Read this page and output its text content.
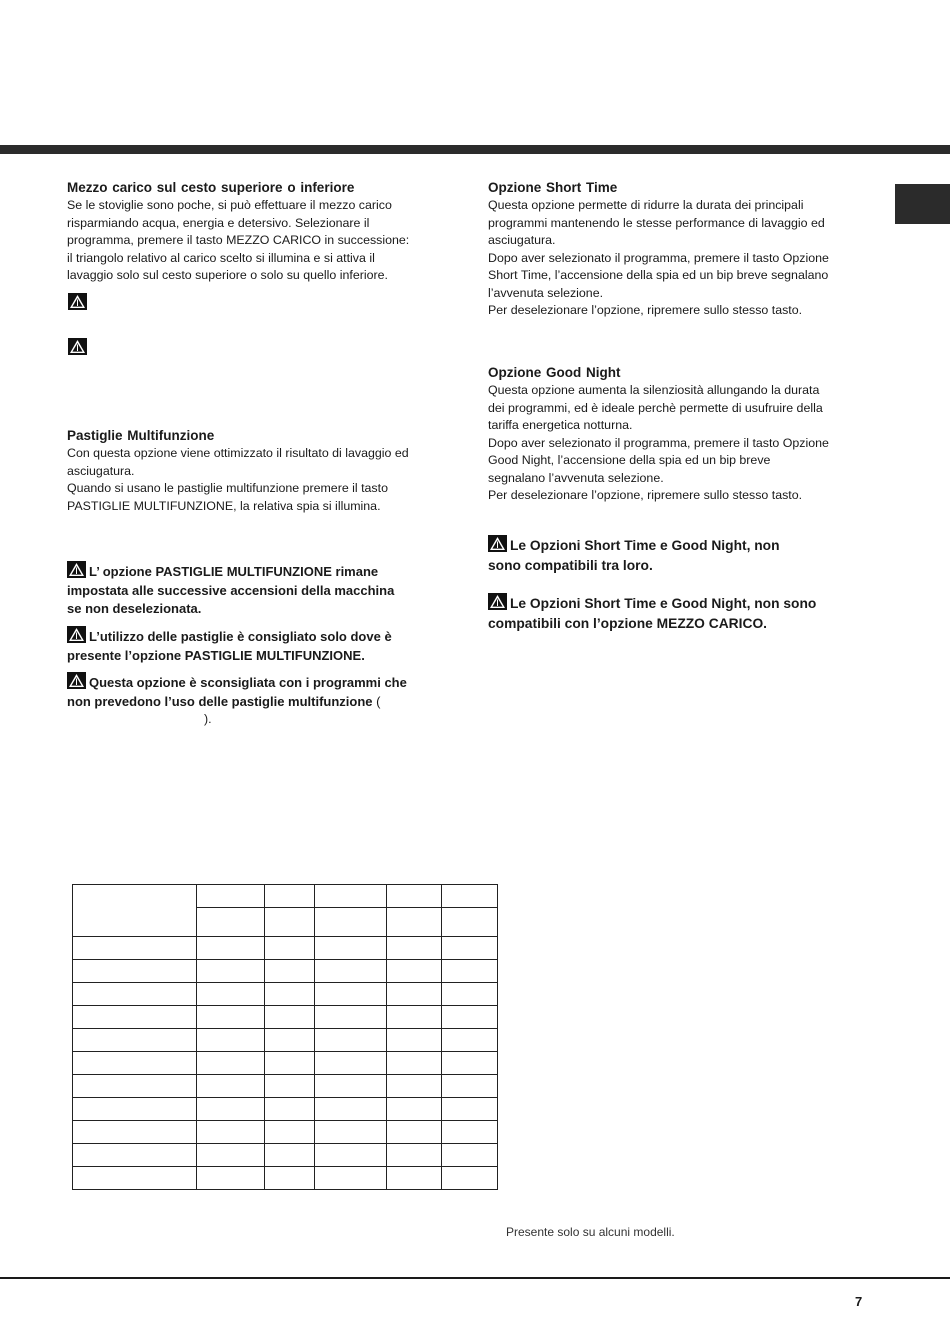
Mezzo carico sul cesto superiore o inferiore

Se le stoviglie sono poche, si può effettuare il mezzo carico

risparmiando acqua, energia e detersivo. Selezionare il

programma, premere il tasto MEZZO CARICO in successione:

il triangolo relativo al carico scelto si illumina e si attiva il

lavaggio solo sul cesto superiore o solo su quello inferiore.

Pastiglie Multifunzione

Con questa opzione viene ottimizzato il risultato di lavaggio ed

asciugatura.

Quando si usano le pastiglie multifunzione premere il tasto

PASTIGLIE MULTIFUNZIONE, la relativa spia si illumina.

L’ opzione PASTIGLIE MULTIFUNZIONE rimane

impostata alle successive accensioni della macchina

se non deselezionata.

L’utilizzo delle pastiglie è consigliato solo dove è

presente l’opzione PASTIGLIE MULTIFUNZIONE.

Questa opzione è sconsigliata con i programmi che

non prevedono l’uso delle pastiglie multifunzione (

).

Opzione Short Time

Questa opzione permette di ridurre la durata dei principali

programmi mantenendo le stesse performance di lavaggio ed

asciugatura.

Dopo aver selezionato il programma, premere il tasto Opzione

Short Time, l’accensione della spia ed un bip breve segnalano

l’avvenuta selezione.

Per deselezionare l’opzione, ripremere sullo stesso tasto.

Opzione Good Night

Questa opzione aumenta la silenziosità allungando la durata

dei programmi, ed è ideale perchè permette di usufruire della

tariffa energetica notturna.

Dopo aver selezionato il programma, premere il tasto Opzione

Good Night, l’accensione della spia ed un bip breve

segnalano l’avvenuta selezione.

Per deselezionare l’opzione, ripremere sullo stesso tasto.

Le Opzioni Short Time e Good Night, non

sono compatibili tra loro.

Le Opzioni Short Time e Good Night, non sono

compatibili con l’opzione MEZZO CARICO.

Presente solo su alcuni modelli.
7
